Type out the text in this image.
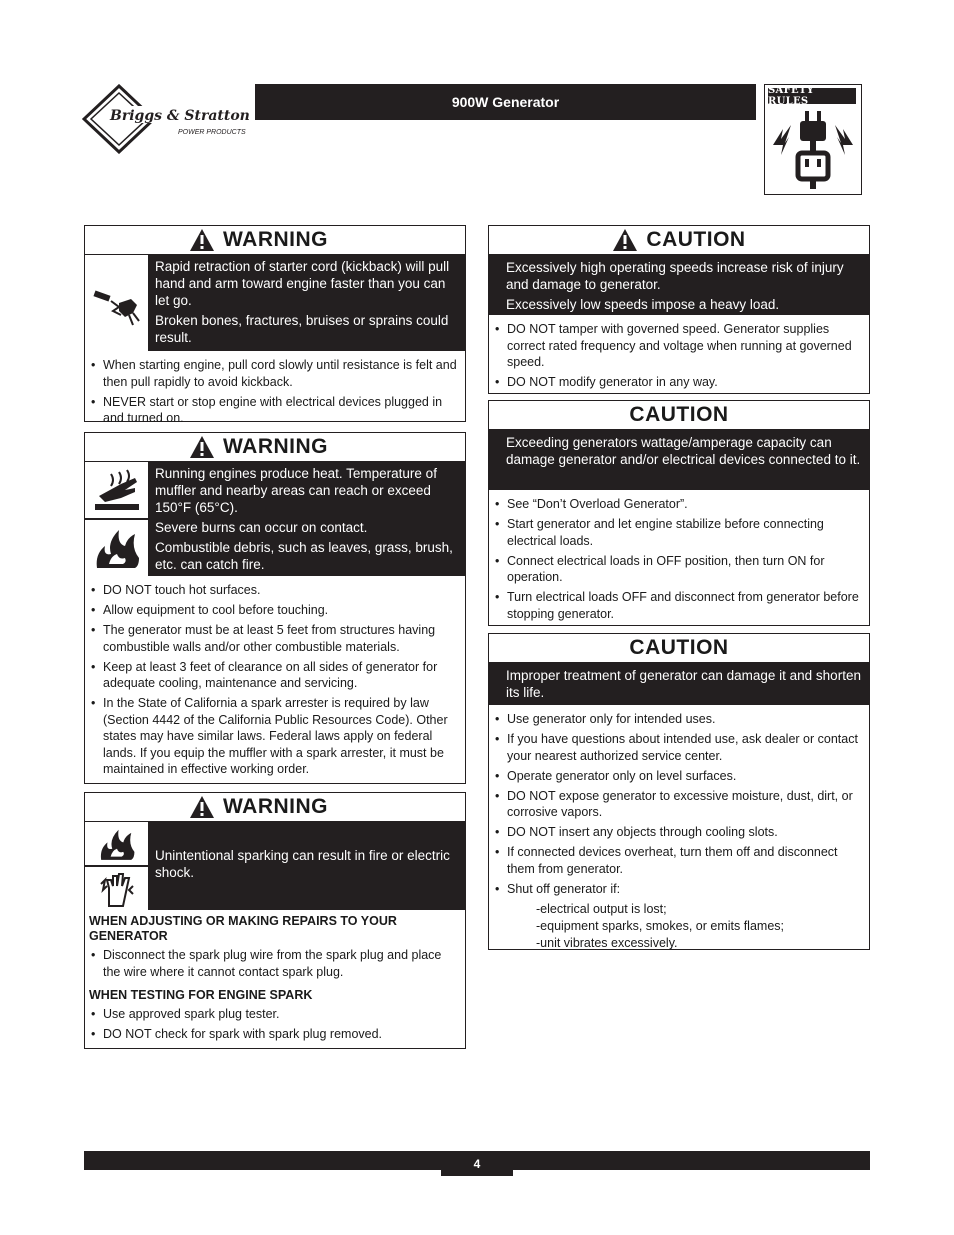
Briggs & Stratton
POWER PRODUCTS
900W Generator
SAFETY RULES
WARNING

Rapid retraction of starter cord (kickback) will pull hand and arm toward engine faster than you can let go.

Broken bones, fractures, bruises or sprains could result.

• When starting engine, pull cord slowly until resistance is felt and then pull rapidly to avoid kickback.
• NEVER start or stop engine with electrical devices plugged in and turned on.
WARNING

Running engines produce heat. Temperature of muffler and nearby areas can reach or exceed 150°F (65°C).

Severe burns can occur on contact.

Combustible debris, such as leaves, grass, brush, etc. can catch fire.

• DO NOT touch hot surfaces.
• Allow equipment to cool before touching.
• The generator must be at least 5 feet from structures having combustible walls and/or other combustible materials.
• Keep at least 3 feet of clearance on all sides of generator for adequate cooling, maintenance and servicing.
• In the State of California a spark arrester is required by law (Section 4442 of the California Public Resources Code). Other states may have similar laws. Federal laws apply on federal lands. If you equip the muffler with a spark arrester, it must be maintained in effective working order.
WARNING

Unintentional sparking can result in fire or electric shock.

WHEN ADJUSTING OR MAKING REPAIRS TO YOUR GENERATOR
• Disconnect the spark plug wire from the spark plug and place the wire where it cannot contact spark plug.
WHEN TESTING FOR ENGINE SPARK
• Use approved spark plug tester.
• DO NOT check for spark with spark plug removed.
CAUTION

Excessively high operating speeds increase risk of injury and damage to generator.

Excessively low speeds impose a heavy load.

• DO NOT tamper with governed speed. Generator supplies correct rated frequency and voltage when running at governed speed.
• DO NOT modify generator in any way.
CAUTION

Exceeding generators wattage/amperage capacity can damage generator and/or electrical devices connected to it.

• See “Don’t Overload Generator”.
• Start generator and let engine stabilize before connecting electrical loads.
• Connect electrical loads in OFF position, then turn ON for operation.
• Turn electrical loads OFF and disconnect from generator before stopping generator.
CAUTION

Improper treatment of generator can damage it and shorten its life.

• Use generator only for intended uses.
• If you have questions about intended use, ask dealer or contact your nearest authorized service center.
• Operate generator only on level surfaces.
• DO NOT expose generator to excessive moisture, dust, dirt, or corrosive vapors.
• DO NOT insert any objects through cooling slots.
• If connected devices overheat, turn them off and disconnect them from generator.
• Shut off generator if:
-electrical output is lost;
-equipment sparks, smokes, or emits flames;
-unit vibrates excessively.
4
